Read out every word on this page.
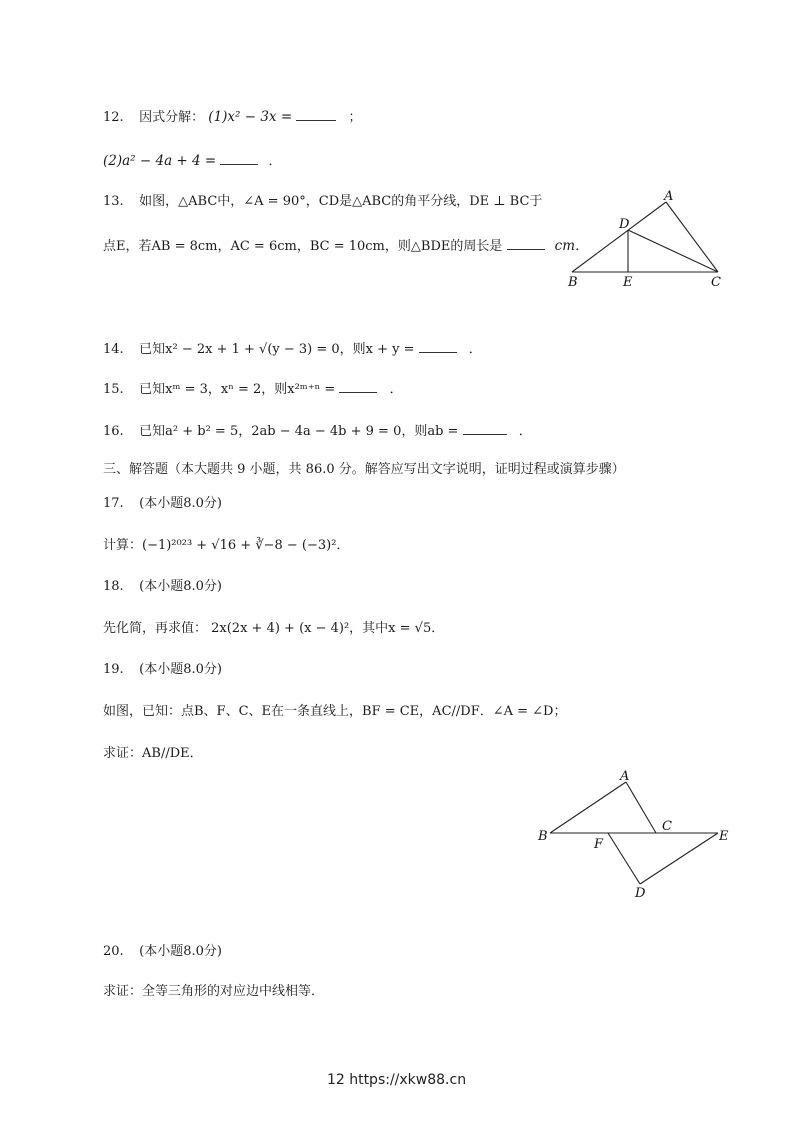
12. 因式分解： (1)x² − 3x =	；
(2)a² − 4a + 4 =	．
13. 如图，△ABC中，∠A = 90°，CD是△ABC的角平分线，DE ⊥ BC于
点E，若AB = 8cm，AC = 6cm，BC = 10cm，则△BDE的周长是	cm．
A
D
B	E	C
14. 已知x² − 2x + 1 + √(y − 3) = 0，则x + y =	．
15. 已知xᵐ = 3，xⁿ = 2，则x²ᵐ⁺ⁿ =	．
16. 已知a² + b² = 5，2ab − 4a − 4b + 9 = 0，则ab =	．
三、解答题（本大题共 9 小题，共 86.0 分。解答应写出文字说明，证明过程或演算步骤）
17. (本小题8.0分)
计算：(−1)²⁰²³ + √16 + ∛−8 − (−3)²．
18. (本小题8.0分)
先化简，再求值： 2x(2x + 4) + (x − 4)²，其中x = √5．
19. (本小题8.0分)
如图，已知：点B、F、C、E在一条直线上，BF = CE，AC//DF．∠A = ∠D；
求证：AB//DE．
A
B
F
C
E
D
20. (本小题8.0分)
求证：全等三角形的对应边中线相等．
12 https://xkw88.cn
